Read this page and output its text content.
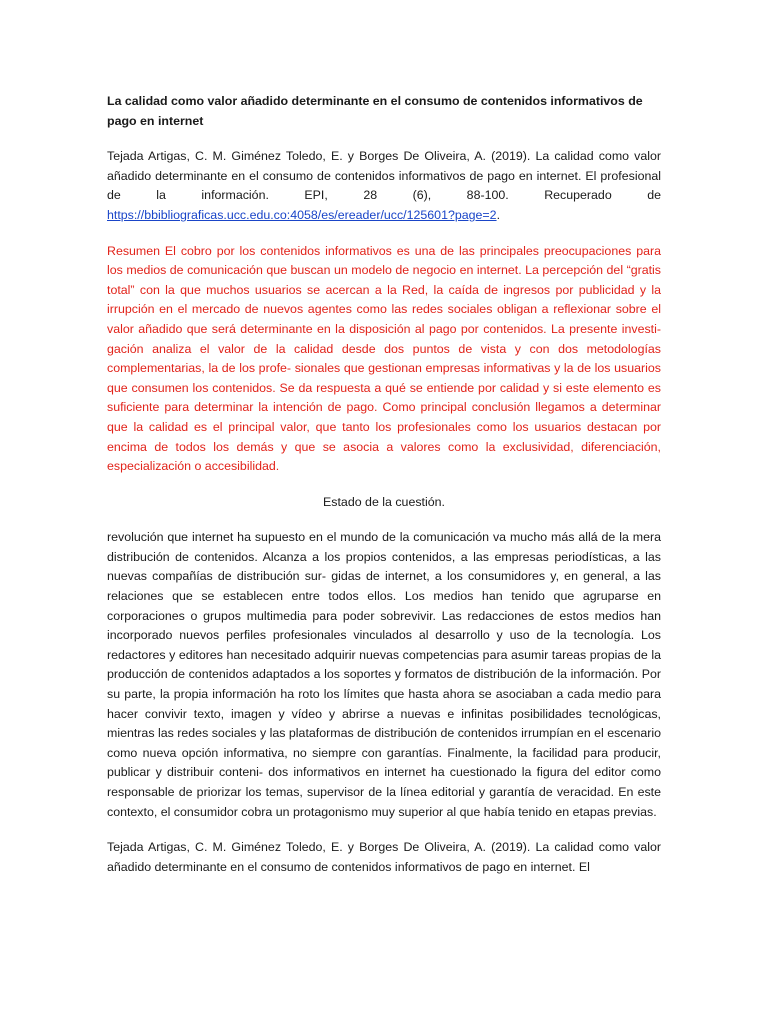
La calidad como valor añadido determinante en el consumo de contenidos informativos de pago en internet

Tejada Artigas, C. M. Giménez Toledo, E. y Borges De Oliveira, A. (2019). La calidad como valor añadido determinante en el consumo de contenidos informativos de pago en internet. El profesional de la información. EPI, 28 (6), 88-100. Recuperado de https://bbibliograficas.ucc.edu.co:4058/es/ereader/ucc/125601?page=2.

Resumen El cobro por los contenidos informativos es una de las principales preocupaciones para los medios de comunicación que buscan un modelo de negocio en internet. La percepción del “gratis total” con la que muchos usuarios se acercan a la Red, la caída de ingresos por publicidad y la irrupción en el mercado de nuevos agentes como las redes sociales obligan a reflexionar sobre el valor añadido que será determinante en la disposición al pago por contenidos. La presente investi- gación analiza el valor de la calidad desde dos puntos de vista y con dos metodologías complementarias, la de los profe- sionales que gestionan empresas informativas y la de los usuarios que consumen los contenidos. Se da respuesta a qué se entiende por calidad y si este elemento es suficiente para determinar la intención de pago. Como principal conclusión llegamos a determinar que la calidad es el principal valor, que tanto los profesionales como los usuarios destacan por encima de todos los demás y que se asocia a valores como la exclusividad, diferenciación, especialización o accesibilidad.

Estado de la cuestión.

revolución que internet ha supuesto en el mundo de la comunicación va mucho más allá de la mera distribución de contenidos. Alcanza a los propios contenidos, a las empresas periodísticas, a las nuevas compañías de distribución sur- gidas de internet, a los consumidores y, en general, a las relaciones que se establecen entre todos ellos. Los medios han tenido que agruparse en corporaciones o grupos multimedia para poder sobrevivir. Las redacciones de estos medios han incorporado nuevos perfiles profesionales vinculados al desarrollo y uso de la tecnología. Los redactores y editores han necesitado adquirir nuevas competencias para asumir tareas propias de la producción de contenidos adaptados a los soportes y formatos de distribución de la información. Por su parte, la propia información ha roto los límites que hasta ahora se asociaban a cada medio para hacer convivir texto, imagen y vídeo y abrirse a nuevas e infinitas posibilidades tecnológicas, mientras las redes sociales y las plataformas de distribución de contenidos irrumpían en el escenario como nueva opción informativa, no siempre con garantías. Finalmente, la facilidad para producir, publicar y distribuir conteni- dos informativos en internet ha cuestionado la figura del editor como responsable de priorizar los temas, supervisor de la línea editorial y garantía de veracidad. En este contexto, el consumidor cobra un protagonismo muy superior al que había tenido en etapas previas.

Tejada Artigas, C. M. Giménez Toledo, E. y Borges De Oliveira, A. (2019). La calidad como valor añadido determinante en el consumo de contenidos informativos de pago en internet. El
